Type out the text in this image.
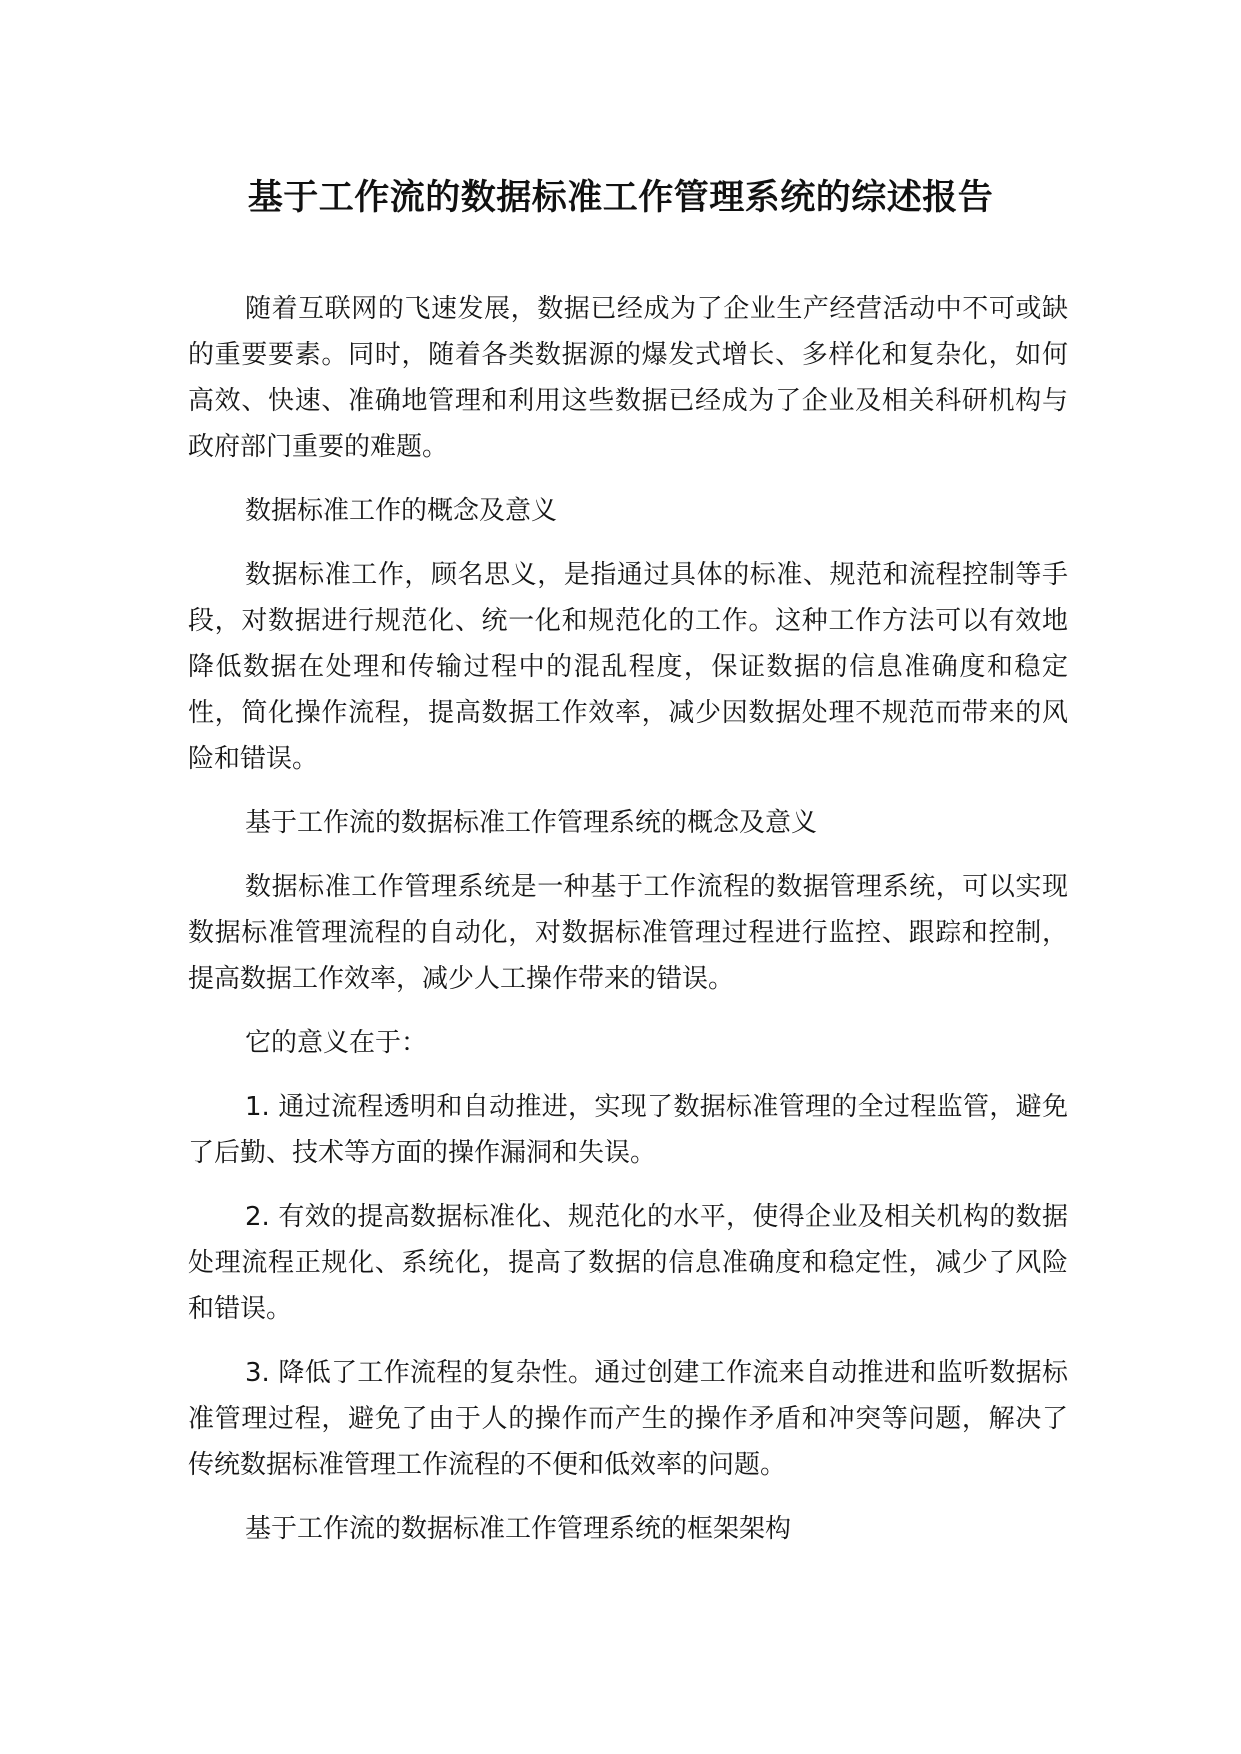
基于工作流的数据标准工作管理系统的综述报告

随着互联网的飞速发展，数据已经成为了企业生产经营活动中不可或缺的重要要素。同时，随着各类数据源的爆发式增长、多样化和复杂化，如何高效、快速、准确地管理和利用这些数据已经成为了企业及相关科研机构与政府部门重要的难题。

数据标准工作的概念及意义

数据标准工作，顾名思义，是指通过具体的标准、规范和流程控制等手段，对数据进行规范化、统一化和规范化的工作。这种工作方法可以有效地降低数据在处理和传输过程中的混乱程度，保证数据的信息准确度和稳定性，简化操作流程，提高数据工作效率，减少因数据处理不规范而带来的风险和错误。

基于工作流的数据标准工作管理系统的概念及意义

数据标准工作管理系统是一种基于工作流程的数据管理系统，可以实现数据标准管理流程的自动化，对数据标准管理过程进行监控、跟踪和控制，提高数据工作效率，减少人工操作带来的错误。

它的意义在于：

1. 通过流程透明和自动推进，实现了数据标准管理的全过程监管，避免了后勤、技术等方面的操作漏洞和失误。

2. 有效的提高数据标准化、规范化的水平，使得企业及相关机构的数据处理流程正规化、系统化，提高了数据的信息准确度和稳定性，减少了风险和错误。

3. 降低了工作流程的复杂性。通过创建工作流来自动推进和监听数据标准管理过程，避免了由于人的操作而产生的操作矛盾和冲突等问题，解决了传统数据标准管理工作流程的不便和低效率的问题。

基于工作流的数据标准工作管理系统的框架架构
